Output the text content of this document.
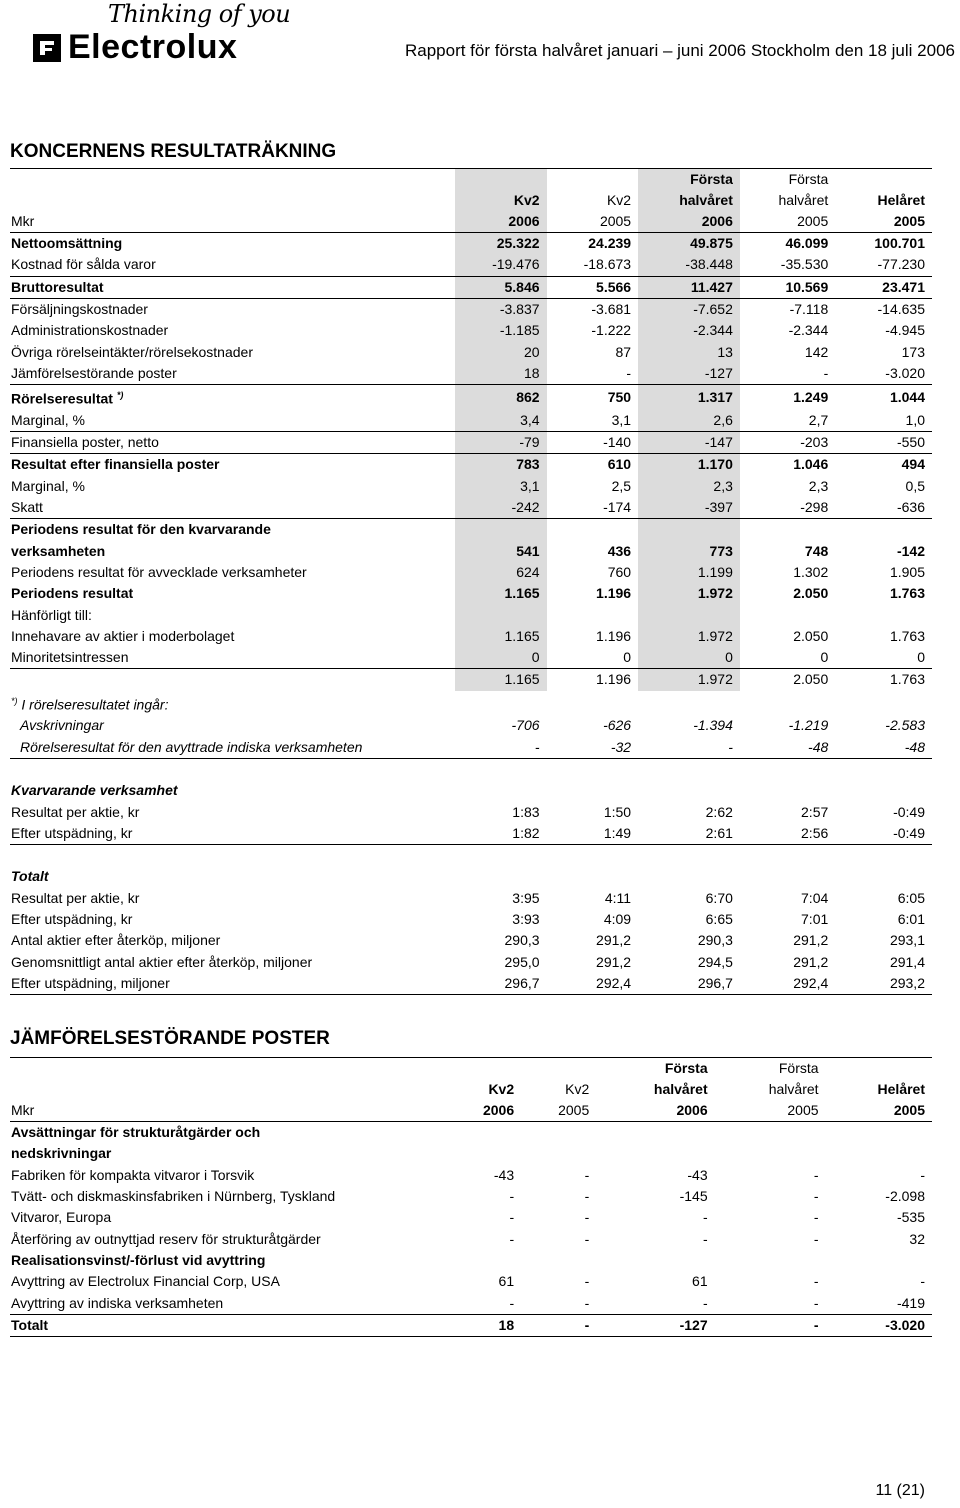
Thinking of you
Electrolux	Rapport för första halvåret januari – juni 2006 Stockholm den 18 juli 2006
KONCERNENS RESULTATRÄKNING
			Första	Första	
	Kv2	Kv2	halvåret	halvåret	Helåret
Mkr	2006	2005	2006	2005	2005
Nettoomsättning	25.322	24.239	49.875	46.099	100.701
Kostnad för sålda varor	-19.476	-18.673	-38.448	-35.530	-77.230
Bruttoresultat	5.846	5.566	11.427	10.569	23.471
Försäljningskostnader	-3.837	-3.681	-7.652	-7.118	-14.635
Administrationskostnader	-1.185	-1.222	-2.344	-2.344	-4.945
Övriga rörelseintäkter/rörelsekostnader	20	87	13	142	173
Jämförelsestörande poster	18	-	-127	-	-3.020
Rörelseresultat *)	862	750	1.317	1.249	1.044
Marginal, %	3,4	3,1	2,6	2,7	1,0
Finansiella poster, netto	-79	-140	-147	-203	-550
Resultat efter finansiella poster	783	610	1.170	1.046	494
Marginal, %	3,1	2,5	2,3	2,3	0,5
Skatt	-242	-174	-397	-298	-636
Periodens resultat för den kvarvarande					
verksamheten	541	436	773	748	-142
Periodens resultat för avvecklade verksamheter	624	760	1.199	1.302	1.905
Periodens resultat	1.165	1.196	1.972	2.050	1.763
Hänförligt till:					
Innehavare av aktier i moderbolaget	1.165	1.196	1.972	2.050	1.763
Minoritetsintressen	0	0	0	0	0
	1.165	1.196	1.972	2.050	1.763
*) I rörelseresultatet ingår:					
Avskrivningar	-706	-626	-1.394	-1.219	-2.583
Rörelseresultat för den avyttrade indiska verksamheten	-	-32	-	-48	-48

Kvarvarande verksamhet					
Resultat per aktie, kr	1:83	1:50	2:62	2:57	-0:49
Efter utspädning, kr	1:82	1:49	2:61	2:56	-0:49

Totalt					
Resultat per aktie, kr	3:95	4:11	6:70	7:04	6:05
Efter utspädning, kr	3:93	4:09	6:65	7:01	6:01
Antal aktier efter återköp, miljoner	290,3	291,2	290,3	291,2	293,1
Genomsnittligt antal aktier efter återköp, miljoner	295,0	291,2	294,5	291,2	291,4
Efter utspädning, miljoner	296,7	292,4	296,7	292,4	293,2
JÄMFÖRELSESTÖRANDE POSTER
			Första	Första	
	Kv2	Kv2	halvåret	halvåret	Helåret
Mkr	2006	2005	2006	2005	2005
Avsättningar för strukturåtgärder och					
nedskrivningar					
Fabriken för kompakta vitvaror i Torsvik	-43	-	-43	-	-
Tvätt- och diskmaskinsfabriken i Nürnberg, Tyskland	-	-	-145	-	-2.098
Vitvaror, Europa	-	-	-	-	-535
Återföring av outnyttjad reserv för strukturåtgärder	-	-	-	-	32
Realisationsvinst/-förlust vid avyttring					
Avyttring av Electrolux Financial Corp, USA	61	-	61	-	-
Avyttring av indiska verksamheten	-	-	-	-	-419
Totalt	18	-	-127	-	-3.020
11 (21)
